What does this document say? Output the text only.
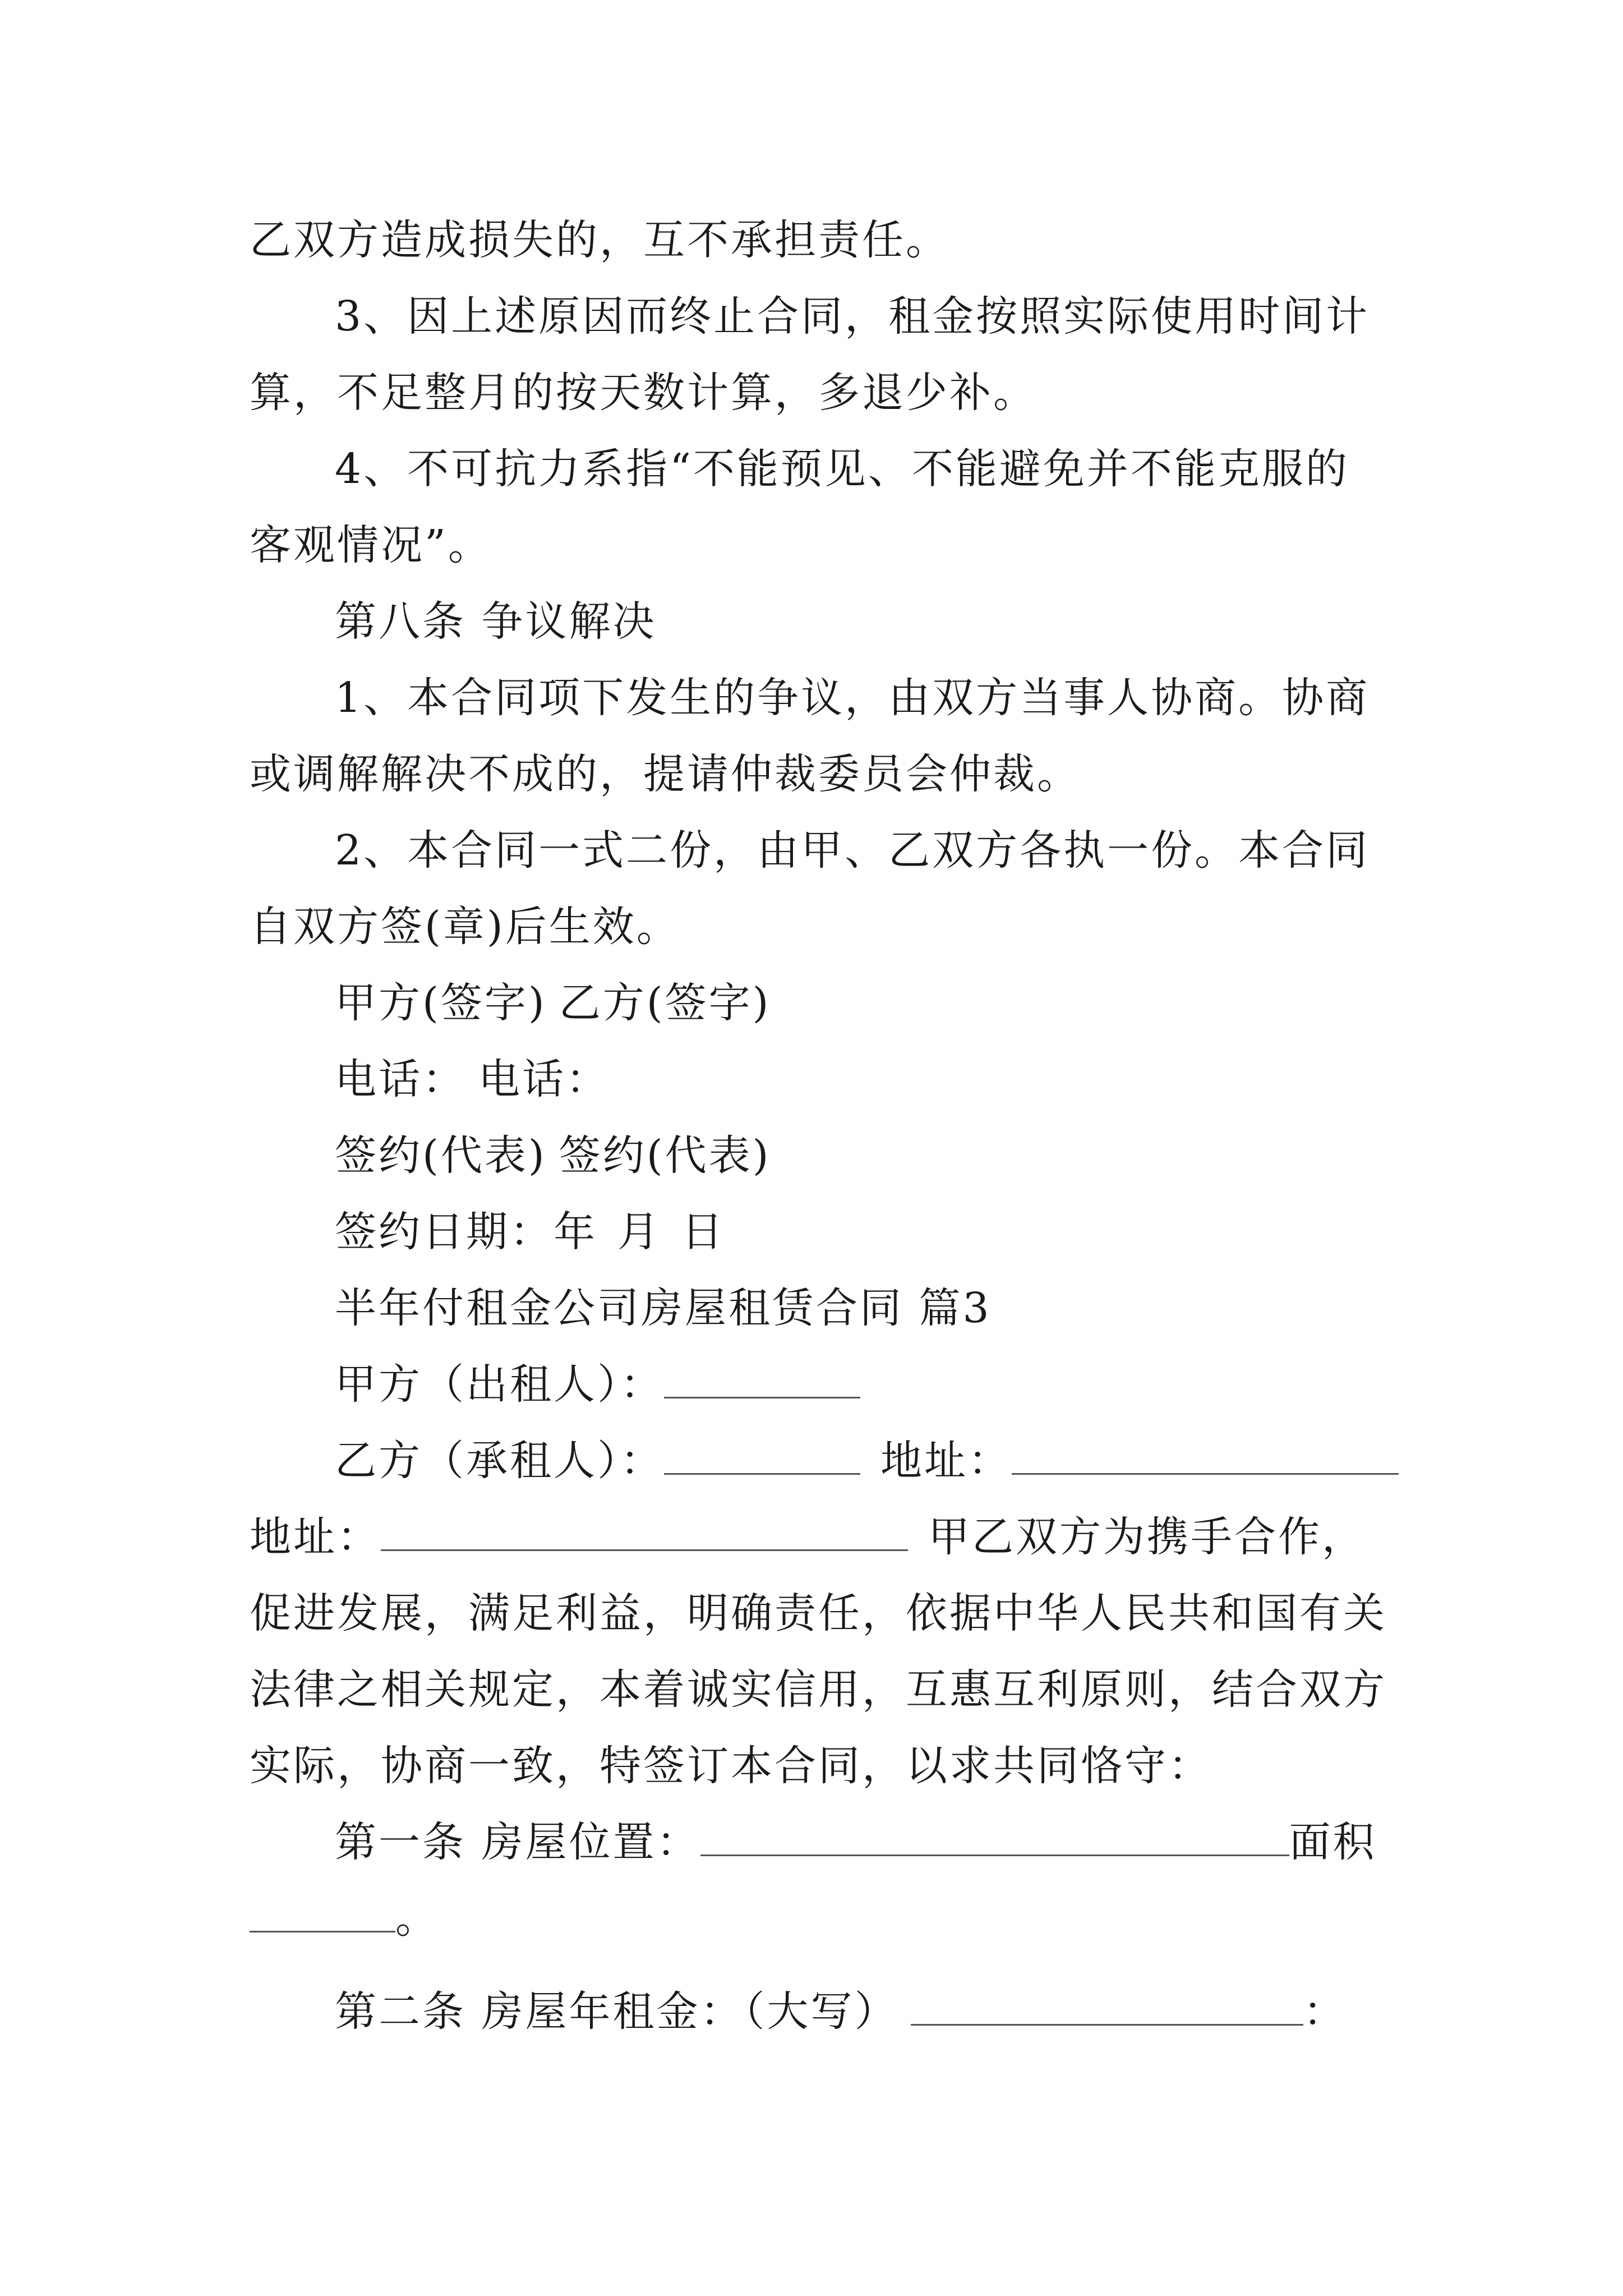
乙双方造成损失的，互不承担责任。
3、因上述原因而终止合同，租金按照实际使用时间计
算，不足整月的按天数计算，多退少补。
4、不可抗力系指“不能预见、不能避免并不能克服的
客观情况”。
第八条 争议解决
1、本合同项下发生的争议，由双方当事人协商。协商
或调解解决不成的，提请仲裁委员会仲裁。
2、本合同一式二份，由甲、乙双方各执一份。本合同
自双方签(章)后生效。
甲方(签字) 乙方(签字)
电话： 电话：
签约(代表) 签约(代表)
签约日期：年 月 日
半年付租金公司房屋租赁合同 篇3
甲方（出租人）：
乙方（承租人）：	地址：
地址：	甲乙双方为携手合作，
促进发展，满足利益，明确责任，依据中华人民共和国有关
法律之相关规定，本着诚实信用，互惠互利原则，结合双方
实际，协商一致，特签订本合同，以求共同恪守：
第一条 房屋位置：	面积
。
第二条 房屋年租金：（大写）	：
